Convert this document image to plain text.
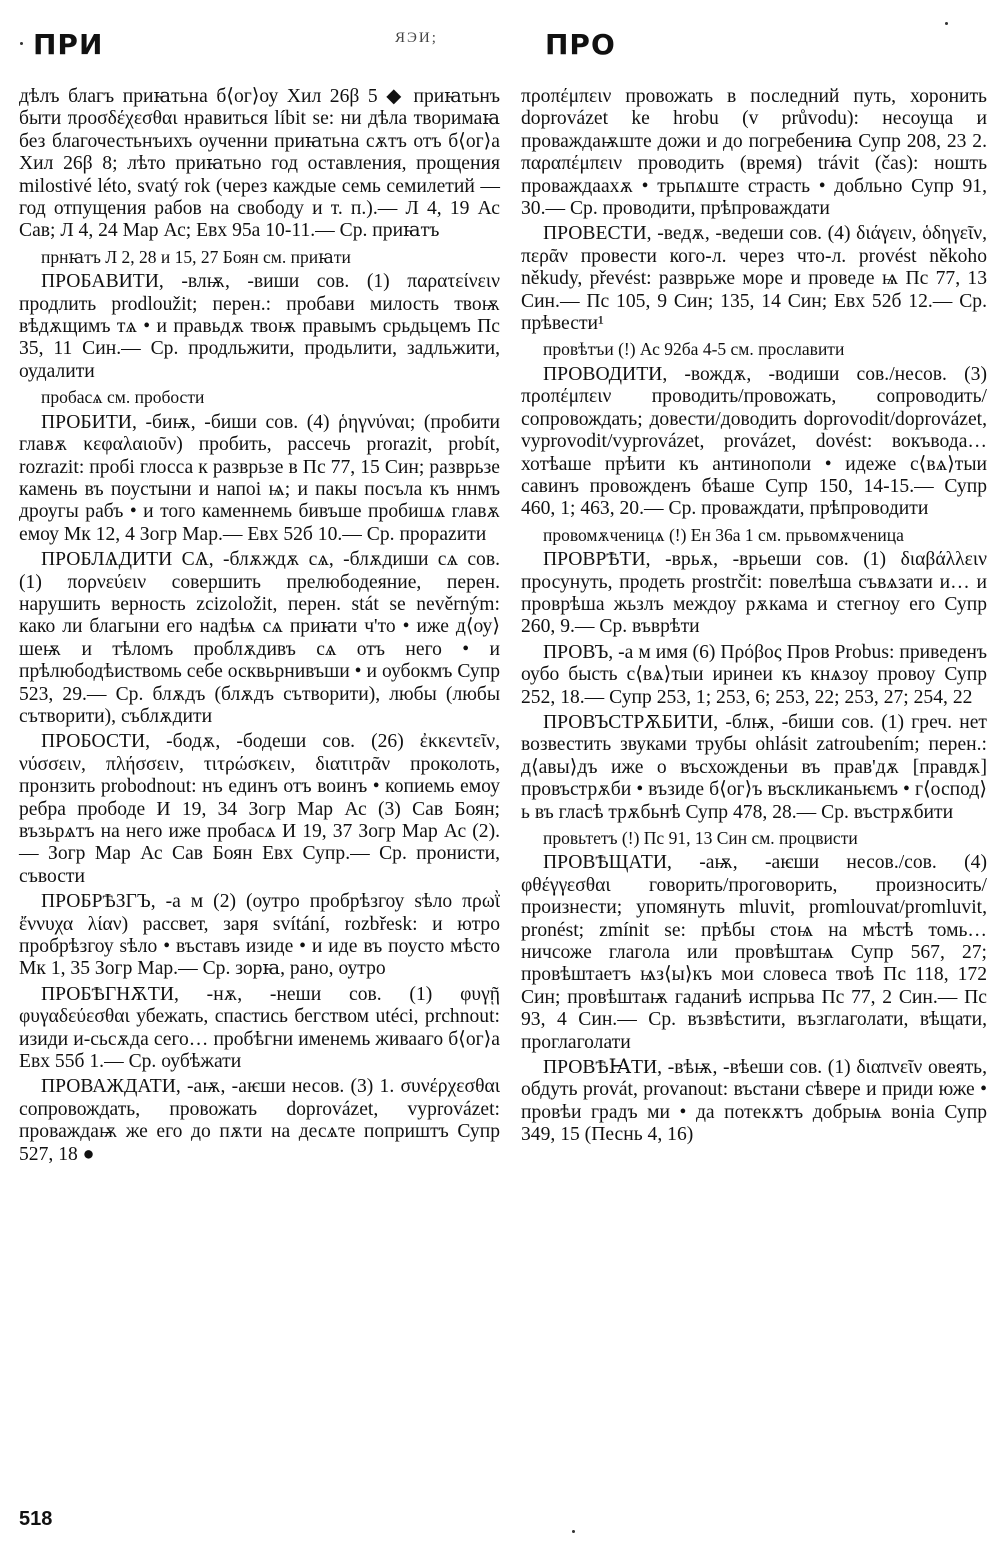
ПРИ	ЯЭИ;	ПРО

дѣлъ благъ приꙗтьна б⟨ог⟩оу Хил 26β 5 ◆ приꙗтьнъ быти προσδέχεσθαι нравиться líbit se: ни дѣла творимаꙗ без благочестьнъихъ оученни приꙗтьна сѫтъ отъ б⟨ог⟩а Хил 26β 8; лѣто приꙗтьно год оставления, прощения milostivé léto, svatý rok (через каждые семь семилетий — год отпущения рабов на свободу и т. п.).— Л 4, 19 Ас Сав; Л 4, 24 Мар Ас; Евх 95а 10-11.— Ср. приꙗтъ

прнꙗтъ Л 2, 28 и 15, 27 Боян см. приꙗти

ПРОБАВИТИ, -влѭ, -виши сов. (1) παρατείνειν продлить prodloužit; перен.: пробави милость твоѭ вѣдѫщимъ тѧ • и правьдѫ твоѭ правымъ срьдьцемъ Пс 35, 11 Син.— Ср. продльжити, продьлити, задльжити, оудалити

пробасѧ см. пробости

ПРОБИТИ, -биѭ, -биши сов. (4) ῥηγνύναι; (пробити главѫ κεφαλαιοῦν) пробить, рассечь prorazit, probít, rozrazit: пробі глосса к разврьзе в Пс 77, 15 Син; разврьзе камень въ поустыни и напоі ѩ; и пакы посъла къ ннмъ дроугы рабъ • и того каменнемь бивъше пробишѧ главѫ емоу Мк 12, 4 Зогр Мар.— Евх 52б 10.— Ср. прорazити

ПРОБЛѦДИТИ СѦ, -блѫждѫ сѧ, -блѫдиши сѧ сов. (1) πορνεύειν совершить прелюбодеяние, перен. нарушить верность zcizoložit, перен. stát se nevěrným: како ли благыни его надѣѩ сѧ приꙗти ч'то • иже д⟨оу⟩шеѭ и тѣломъ проблѫдивъ сѧ отъ него • и прѣлюбодѣиствомь себе осквьрнивъши • и оубокмъ Супр 523, 29.— Ср. блѫдъ (блѫдъ сътворити), любы (любы сътворити), съблѫдити

ПРОБОСТИ, -бодѫ, -бодеши сов. (26) ἐκκεντεῖν, νύσσειν, πλήσσειν, τιτρώσκειν, διατιτρᾶν проколоть, пронзить probodnout: нъ единъ отъ воинъ • копиемь емоу ребра прободе И 19, 34 Зогр Мар Ас (3) Сав Боян; възьрѧтъ на него иже пробасѧ И 19, 37 Зогр Мар Ас (2).— Зогр Мар Ас Сав Боян Евх Супр.— Ср. пронисти, съвости

ПРОБРѢЗГЪ, -а м (2) (оутро пробрѣзгоу ѕѣло πρωῒ ἔννυχα λίαν) рассвет, заря svítání, rozbřesk: и ютро пробрѣзгоу ѕѣло • въставъ изиде • и иде въ поусто мѣсто Мк 1, 35 Зогр Мар.— Ср. зорꙗ, рано, оутро

ПРОБѢГНѪТИ, -нѫ, -неши сов. (1) φυγῇ φυγαδεύεσθαι убежать, спастись бегством utéci, prchnout: изиди и-сьсѫда сего… пробѣгни именемь живааго б⟨ог⟩а Евх 55б 1.— Ср. оубѣжати

ПРОВАЖДАТИ, -аѭ, -аѥши несов. (3) 1. συνέρχεσθαι сопровождать, провожать doprovázet, vyprovázet: проваждаѭ же его до пѫти на десѧте поприштъ Супр 527, 18 ●

προπέμπειν провожать в последний путь, хоронить doprovázet ke hrobu (v průvodu): несоуща и проваждаѭште дожи и до погребениꙗ Супр 208, 23 2. παραπέμπειν проводить (время) trávit (čas): ношть проваждаахѫ • трьпѧште страсть • добльно Супр 91, 30.— Ср. проводити, прѣпроваждати

ПРОВЕСТИ, -ведѫ, -ведеши сов. (4) διάγειν, ὁδηγεῖν, περᾶν провести кого-л. через что-л. provést někoho někudy, převést: разврьже море и проведе ѩ Пс 77, 13 Син.— Пс 105, 9 Син; 135, 14 Син; Евх 52б 12.— Ср. прѣвести¹

провѣтъи (!) Ас 92бa 4-5 см. прославити

ПРОВОДИТИ, -вождѫ, -водиши сов./несов. (3) προπέμπειν проводить/провожать, сопроводить/сопровождать; довести/доводить doprovodit/doprovázet, vyprovodit/vyprovázet, provázet, dovést: вокъвода… хотѣаше прѣити къ антинополи • идеже с⟨вѧ⟩тыи савинъ провожденъ бѣаше Супр 150, 14-15.— Супр 460, 1; 463, 20.— Ср. проваждати, прѣпроводити

провомѫченицѧ (!) Ен 36а 1 см. прьвомѫченица

ПРОВРѢТИ, -врьѫ, -врьеши сов. (1) διαβάλλειν просунуть, продеть prostrčit: повелѣша съвѧзати и… и проврѣша жьзлъ междоу рѫкама и стегноу его Супр 260, 9.— Ср. въврѣти

ПРОВЪ, -а м имя (6) Πρόβος Пров Probus: приведенъ оубо бысть с⟨вѧ⟩тыи иринеи къ кнѧзоу провоу Супр 252, 18.— Супр 253, 1; 253, 6; 253, 22; 253, 27; 254, 22

ПРОВЪСТРѪБИТИ, -блѭ, -биши сов. (1) греч. нет возвестить звуками трубы ohlásit zatroubením; перен.: д⟨авы⟩дъ иже о въсхожденьи въ прав'дѫ [правдѫ] провъстрѫби • възиде б⟨ог⟩ъ въскликаньѥмъ • г⟨оспод⟩ь въ гласѣ трѫбьнѣ Супр 478, 28.— Ср. въстрѫбити

провьтетъ (!) Пс 91, 13 Син см. процвисти

ПРОВѢЩАТИ, -аѭ, -аѥши несов./сов. (4) φθέγγεσθαι говорить/проговорить, произносить/произнести; упомянуть mluvit, promlouvat/promluvit, pronést; zmínit se: прѣбы стоѩ на мѣстѣ томь… ничсоже глагола или провѣштаѩ Супр 567, 27; провѣштаетъ ѩз⟨ы⟩къ мои словеса твоѣ Пс 118, 172 Син; провѣштаѭ гаданиѣ испрьва Пс 77, 2 Син.— Пс 93, 4 Син.— Ср. възвѣстити, възглаголати, вѣщати, проглаголати

ПРОВѢꙖТИ, -вѣѭ, -вѣеши сов. (1) διαπνεῖν овеять, обдуть provát, provanout: въстани сѣвере и приди юже • провѣи градъ ми • да потекѫтъ добрыѩ воніа Супр 349, 15 (Песнь 4, 16)

518
